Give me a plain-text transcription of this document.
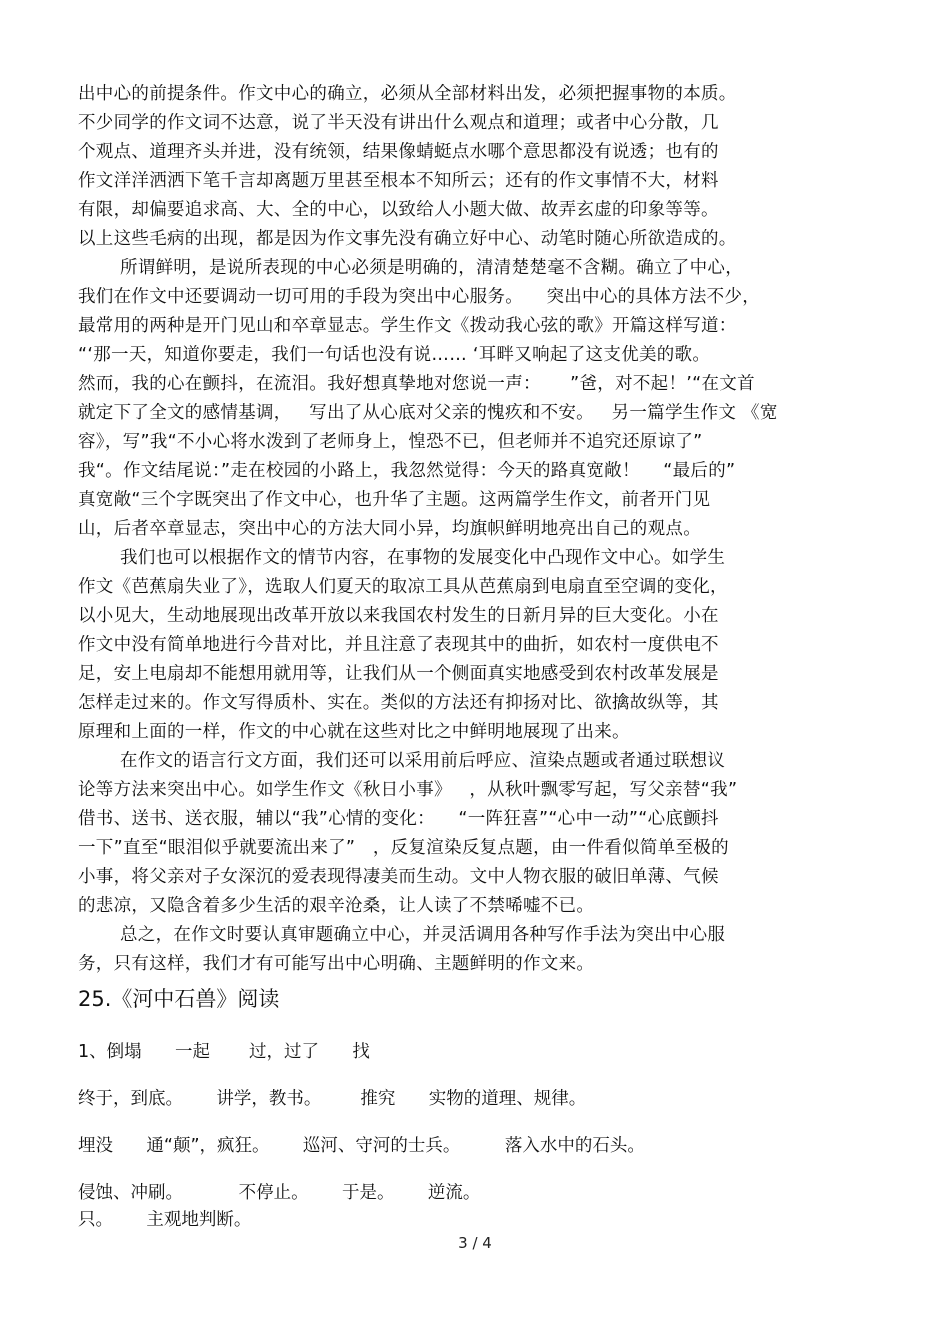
出中心的前提条件。作文中心的确立，必须从全部材料出发，必须把握事物的本质。
不少同学的作文词不达意，说了半天没有讲出什么观点和道理；或者中心分散，几
个观点、道理齐头并进，没有统领，结果像蜻蜓点水哪个意思都没有说透；也有的
作文洋洋洒洒下笔千言却离题万里甚至根本不知所云；还有的作文事情不大，材料
有限，却偏要追求高、大、全的中心，以致给人小题大做、故弄玄虚的印象等等。
以上这些毛病的出现，都是因为作文事先没有确立好中心、动笔时随心所欲造成的。
所谓鲜明，是说所表现的中心必须是明确的，清清楚楚毫不含糊。确立了中心，
我们在作文中还要调动一切可用的手段为突出中心服务。    突出中心的具体方法不少，
最常用的两种是开门见山和卒章显志。学生作文《拨动我心弦的歌》开篇这样写道：
“‘那一天，知道你要走，我们一句话也没有说…… ‘耳畔又响起了这支优美的歌。
然而，我的心在颤抖，在流泪。我好想真挚地对您说一声：     ”爸，对不起！’“在文首
就定下了全文的感情基调，   写出了从心底对父亲的愧疚和不安。   另一篇学生作文 《宽
容》，写”我“不小心将水泼到了老师身上，惶恐不已，但老师并不追究还原谅了”
我“。作文结尾说：”走在校园的小路上，我忽然觉得：今天的路真宽敞！    “最后的”
真宽敞“三个字既突出了作文中心，也升华了主题。这两篇学生作文，前者开门见
山，后者卒章显志，突出中心的方法大同小异，均旗帜鲜明地亮出自己的观点。
我们也可以根据作文的情节内容，在事物的发展变化中凸现作文中心。如学生
作文《芭蕉扇失业了》，选取人们夏天的取凉工具从芭蕉扇到电扇直至空调的变化，
以小见大，生动地展现出改革开放以来我国农村发生的日新月异的巨大变化。小在
作文中没有简单地进行今昔对比，并且注意了表现其中的曲折，如农村一度供电不
足，安上电扇却不能想用就用等，让我们从一个侧面真实地感受到农村改革发展是
怎样走过来的。作文写得质朴、实在。类似的方法还有抑扬对比、欲擒故纵等，其
原理和上面的一样，作文的中心就在这些对比之中鲜明地展现了出来。
在作文的语言行文方面，我们还可以采用前后呼应、渲染点题或者通过联想议
论等方法来突出中心。如学生作文《秋日小事》   ，从秋叶飘零写起，写父亲替“我”
借书、送书、送衣服，辅以“我”心情的变化：    “一阵狂喜”“心中一动”“心底颤抖
一下”直至“眼泪似乎就要流出来了”   ，反复渲染反复点题，由一件看似简单至极的
小事，将父亲对子女深沉的爱表现得凄美而生动。文中人物衣服的破旧单薄、气候
的悲凉，又隐含着多少生活的艰辛沧桑，让人读了不禁唏嘘不已。
总之，在作文时要认真审题确立中心，并灵活调用各种写作手法为突出中心服
务，只有这样，我们才有可能写出中心明确、主题鲜明的作文来。
25.《河中石兽》阅读
1、倒塌      一起       过，过了      找
终于，到底。      讲学，教书。       推究      实物的道理、规律。
埋没      通“颠”，疯狂。      巡河、守河的士兵。        落入水中的石头。
侵蚀、冲刷。          不停止。      于是。      逆流。
只。      主观地判断。
3 / 4
